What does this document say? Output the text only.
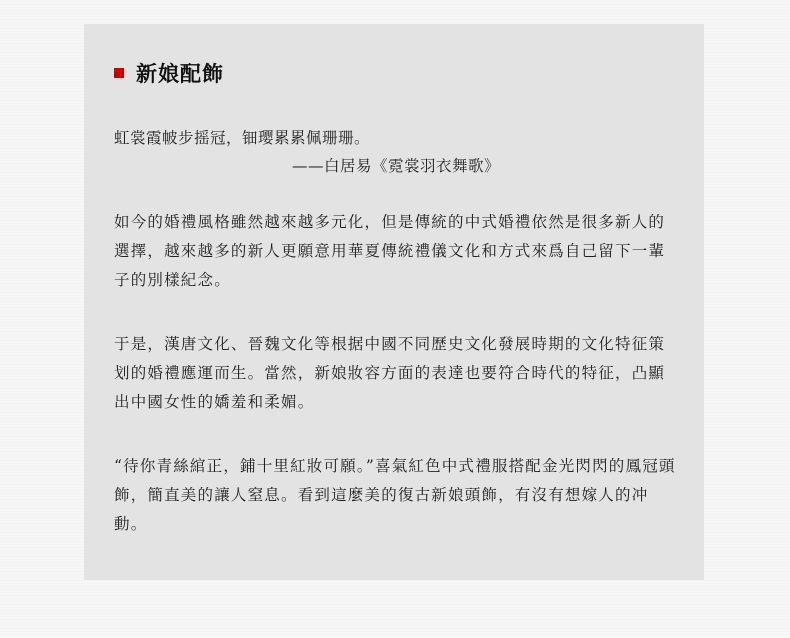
新娘配飾
虹裳霞帔步摇冠，钿璎累累佩珊珊。
——白居易《霓裳羽衣舞歌》

如今的婚禮風格雖然越來越多元化，但是傳統的中式婚禮依然是很多新人的選擇，越來越多的新人更願意用華夏傳統禮儀文化和方式來爲自己留下一輩子的別樣紀念。

于是，漢唐文化、晉魏文化等根据中國不同歷史文化發展時期的文化特征策划的婚禮應運而生。當然，新娘妝容方面的表達也要符合時代的特征，凸顯出中國女性的嬌羞和柔媚。

“待你青絲綰正，鋪十里紅妝可願。”喜氣紅色中式禮服搭配金光閃閃的鳳冠頭飾，簡直美的讓人窒息。看到這麼美的復古新娘頭飾，有沒有想嫁人的冲動。
